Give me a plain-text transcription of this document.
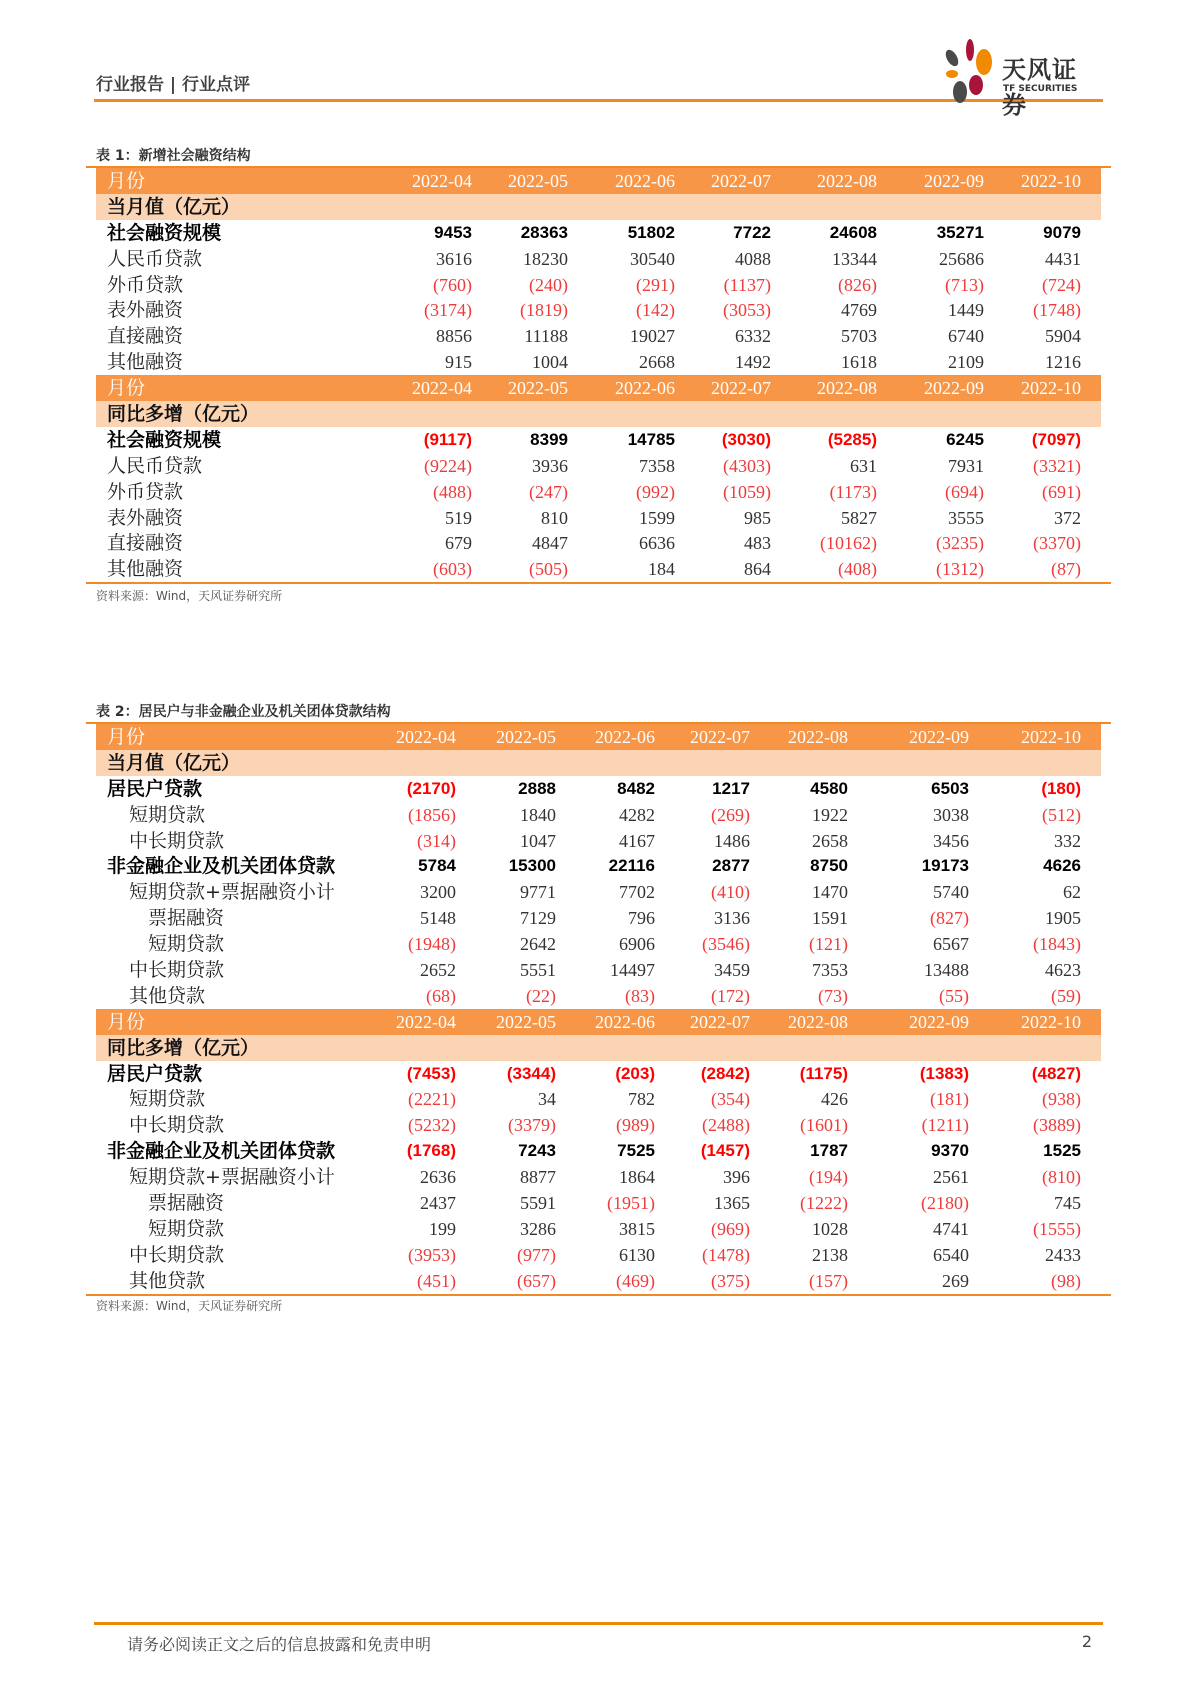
行业报告 | 行业点评
天风证券
TF SECURITIES
表 1：新增社会融资结构
月份	2022-04	2022-05	2022-06	2022-07	2022-08	2022-09	2022-10
当月值（亿元）
社会融资规模	9453	28363	51802	7722	24608	35271	9079
人民币贷款	3616	18230	30540	4088	13344	25686	4431
外币贷款	(760)	(240)	(291)	(1137)	(826)	(713)	(724)
表外融资	(3174)	(1819)	(142)	(3053)	4769	1449	(1748)
直接融资	8856	11188	19027	6332	5703	6740	5904
其他融资	915	1004	2668	1492	1618	2109	1216
月份	2022-04	2022-05	2022-06	2022-07	2022-08	2022-09	2022-10
同比多增（亿元）
社会融资规模	(9117)	8399	14785	(3030)	(5285)	6245	(7097)
人民币贷款	(9224)	3936	7358	(4303)	631	7931	(3321)
外币贷款	(488)	(247)	(992)	(1059)	(1173)	(694)	(691)
表外融资	519	810	1599	985	5827	3555	372
直接融资	679	4847	6636	483	(10162)	(3235)	(3370)
其他融资	(603)	(505)	184	864	(408)	(1312)	(87)
资料来源：Wind，天风证券研究所
表 2：居民户与非金融企业及机关团体贷款结构
月份	2022-04	2022-05	2022-06	2022-07	2022-08	2022-09	2022-10
当月值（亿元）
居民户贷款	(2170)	2888	8482	1217	4580	6503	(180)
短期贷款	(1856)	1840	4282	(269)	1922	3038	(512)
中长期贷款	(314)	1047	4167	1486	2658	3456	332
非金融企业及机关团体贷款	5784	15300	22116	2877	8750	19173	4626
短期贷款+票据融资小计	3200	9771	7702	(410)	1470	5740	62
票据融资	5148	7129	796	3136	1591	(827)	1905
短期贷款	(1948)	2642	6906	(3546)	(121)	6567	(1843)
中长期贷款	2652	5551	14497	3459	7353	13488	4623
其他贷款	(68)	(22)	(83)	(172)	(73)	(55)	(59)
月份	2022-04	2022-05	2022-06	2022-07	2022-08	2022-09	2022-10
同比多增（亿元）
居民户贷款	(7453)	(3344)	(203)	(2842)	(1175)	(1383)	(4827)
短期贷款	(2221)	34	782	(354)	426	(181)	(938)
中长期贷款	(5232)	(3379)	(989)	(2488)	(1601)	(1211)	(3889)
非金融企业及机关团体贷款	(1768)	7243	7525	(1457)	1787	9370	1525
短期贷款+票据融资小计	2636	8877	1864	396	(194)	2561	(810)
票据融资	2437	5591	(1951)	1365	(1222)	(2180)	745
短期贷款	199	3286	3815	(969)	1028	4741	(1555)
中长期贷款	(3953)	(977)	6130	(1478)	2138	6540	2433
其他贷款	(451)	(657)	(469)	(375)	(157)	269	(98)
资料来源：Wind，天风证券研究所
请务必阅读正文之后的信息披露和免责申明	2
